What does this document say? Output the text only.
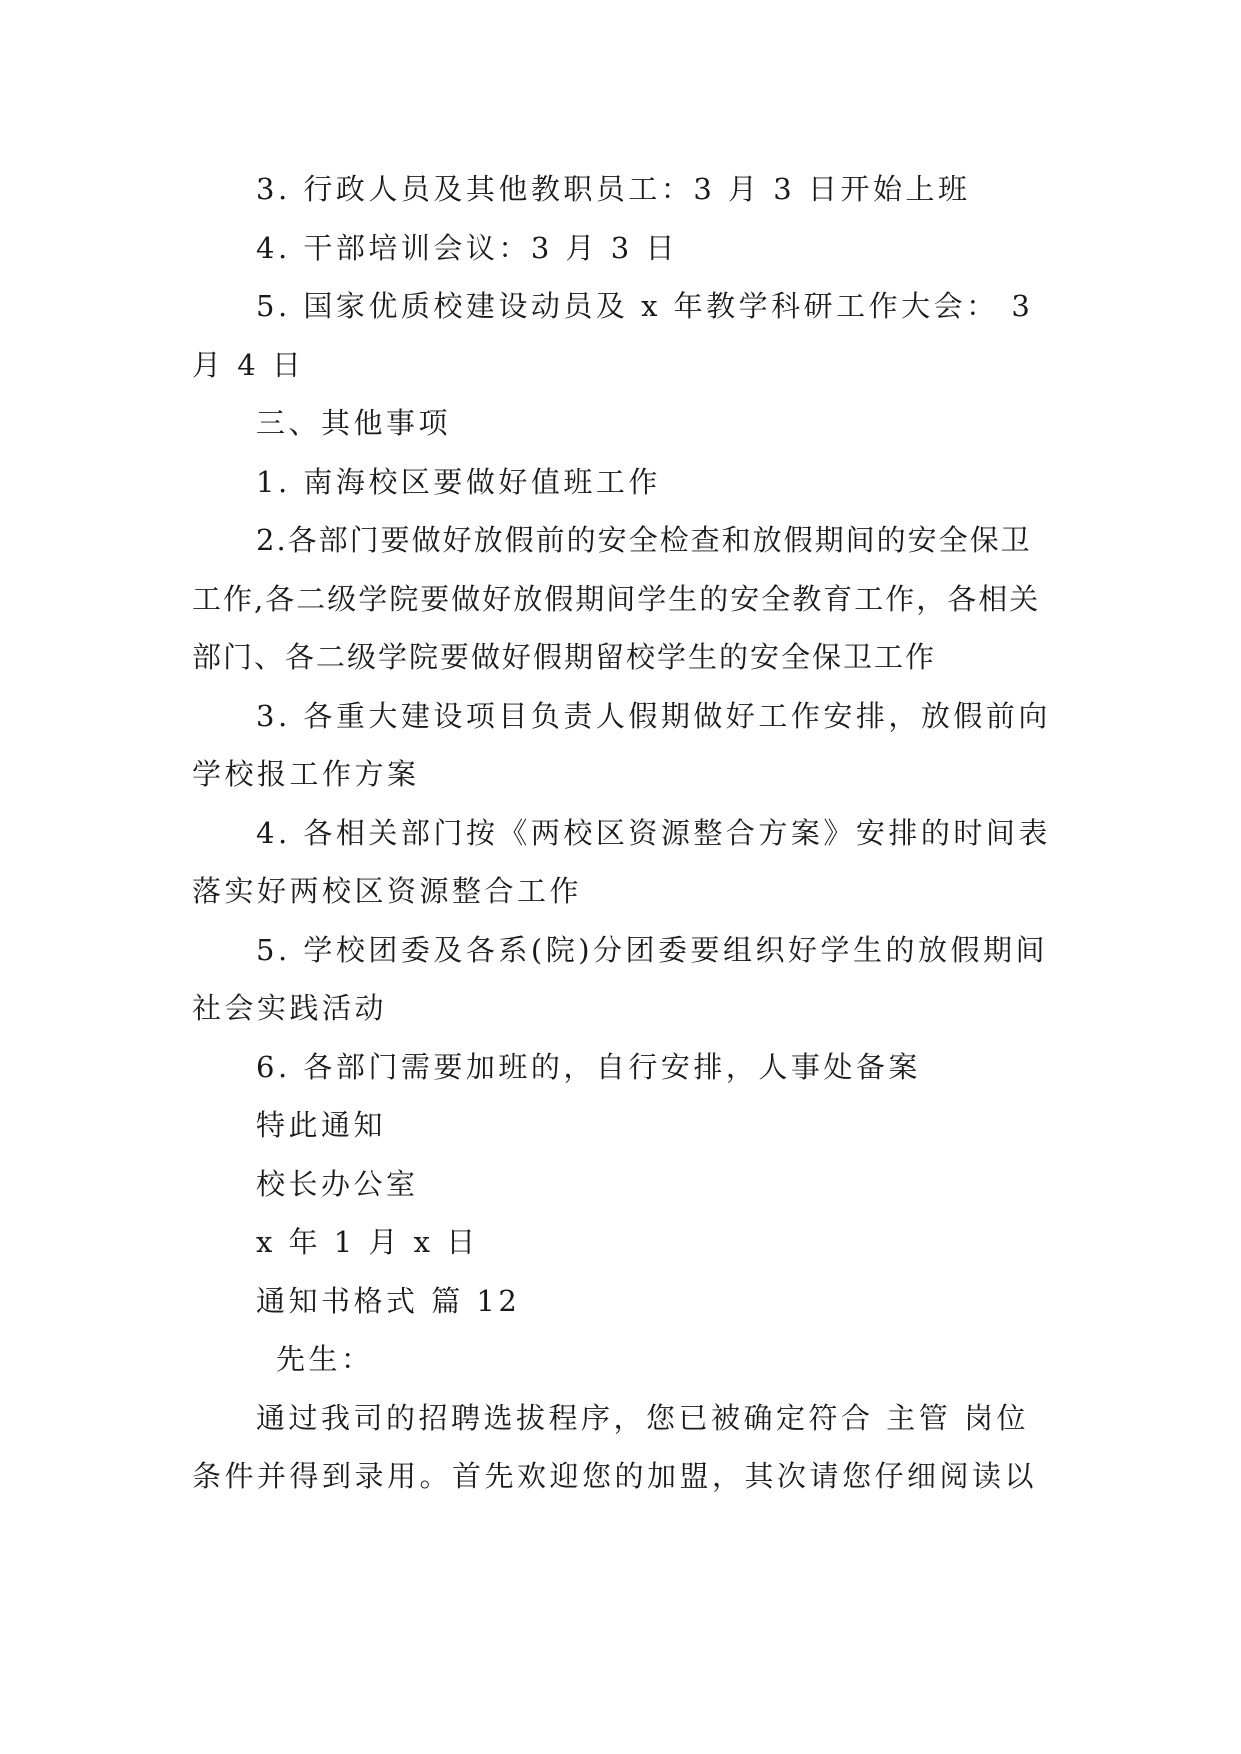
3. 行政人员及其他教职员工：3 月 3 日开始上班

4. 干部培训会议：3 月 3 日

5. 国家优质校建设动员及 x 年教学科研工作大会： 3 月 4 日

三、其他事项

1. 南海校区要做好值班工作

2.各部门要做好放假前的安全检查和放假期间的安全保卫工作,各二级学院要做好放假期间学生的安全教育工作，各相关部门、各二级学院要做好假期留校学生的安全保卫工作

3. 各重大建设项目负责人假期做好工作安排，放假前向学校报工作方案

4. 各相关部门按《两校区资源整合方案》安排的时间表落实好两校区资源整合工作

5. 学校团委及各系(院)分团委要组织好学生的放假期间社会实践活动

6. 各部门需要加班的，自行安排，人事处备案

特此通知

校长办公室

x 年 1 月 x 日

通知书格式 篇 12

先生：

通过我司的招聘选拔程序，您已被确定符合 主管 岗位条件并得到录用。首先欢迎您的加盟，其次请您仔细阅读以
